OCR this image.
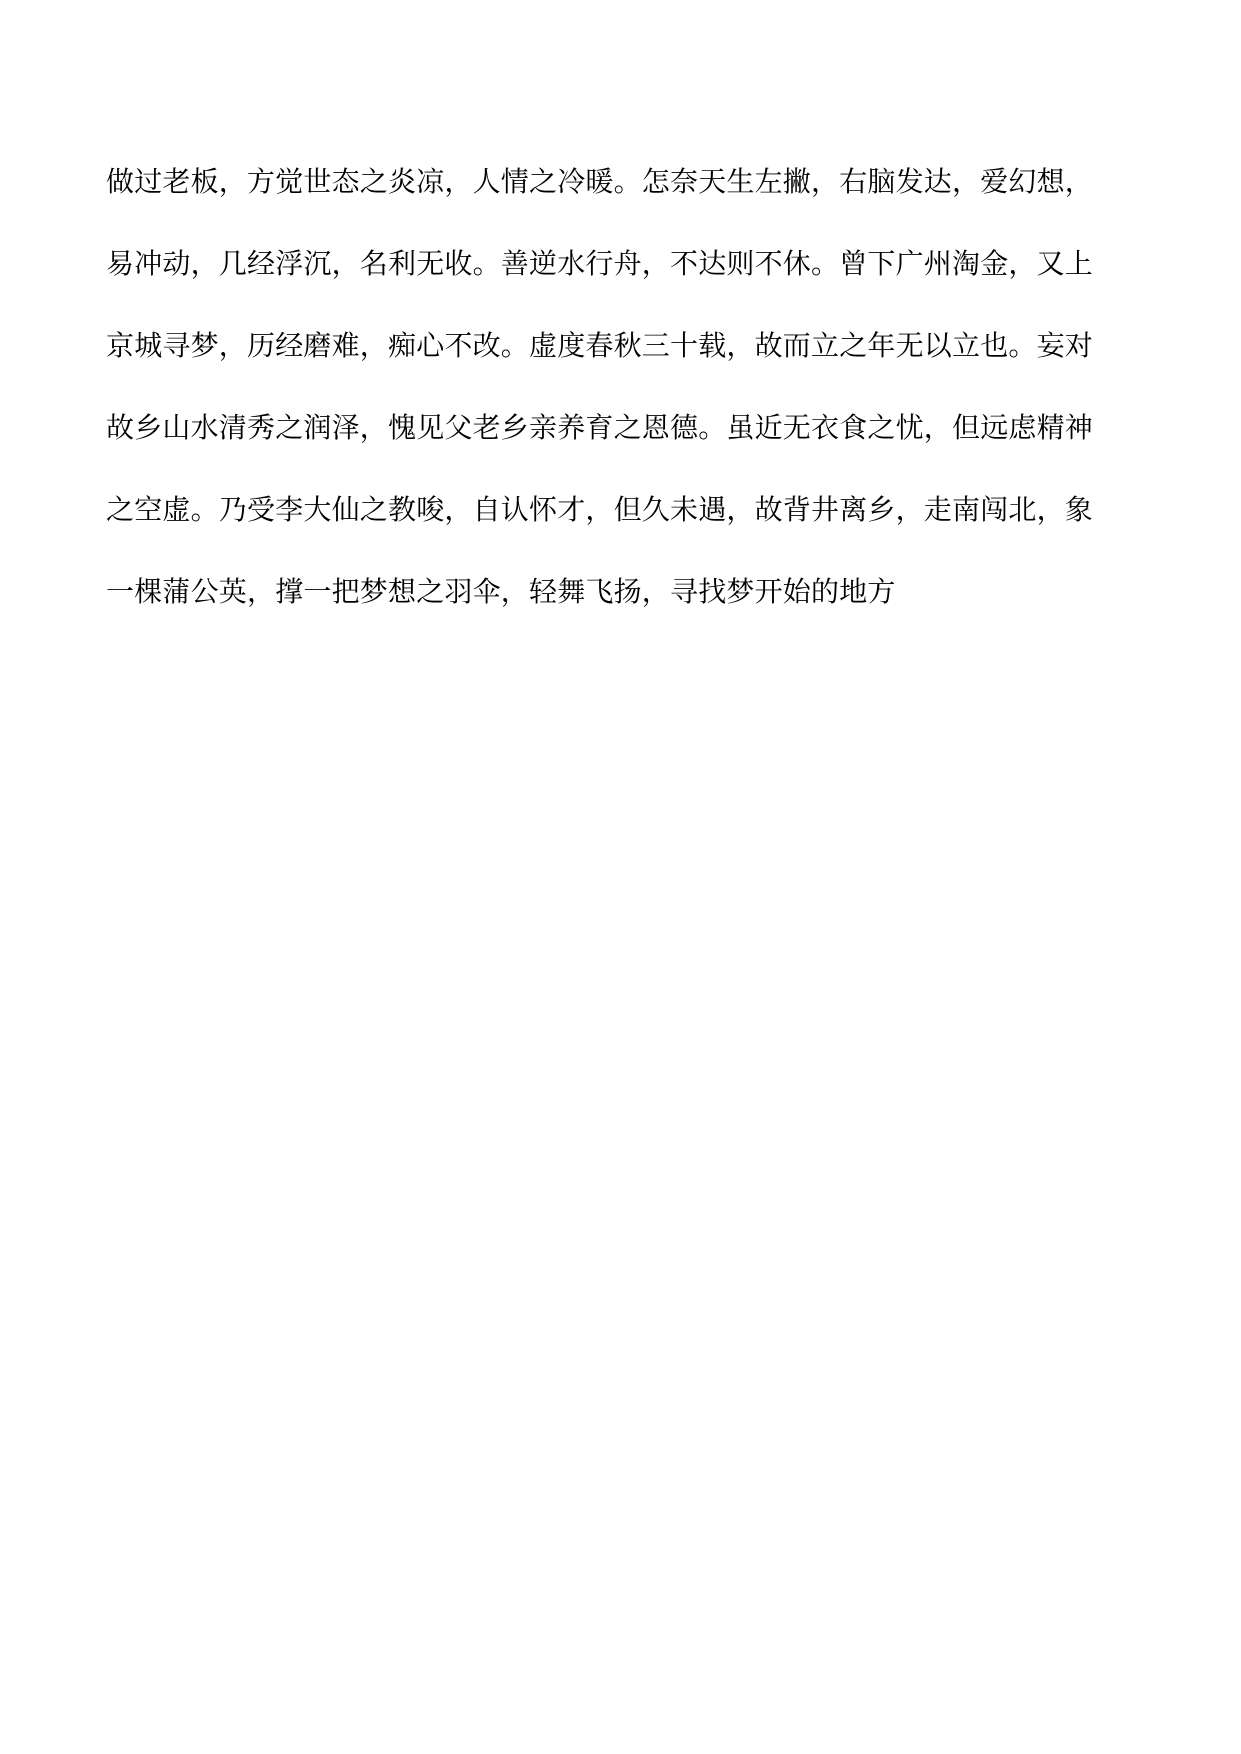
做过老板，方觉世态之炎凉，人情之冷暖。怎奈天生左撇，右脑发达，爱幻想，
易冲动，几经浮沉，名利无收。善逆水行舟，不达则不休。曾下广州淘金，又上
京城寻梦，历经磨难，痴心不改。虚度春秋三十载，故而立之年无以立也。妄对
故乡山水清秀之润泽，愧见父老乡亲养育之恩德。虽近无衣食之忧，但远虑精神
之空虚。乃受李大仙之教唆，自认怀才，但久未遇，故背井离乡，走南闯北，象
一棵蒲公英，撑一把梦想之羽伞，轻舞飞扬，寻找梦开始的地方
